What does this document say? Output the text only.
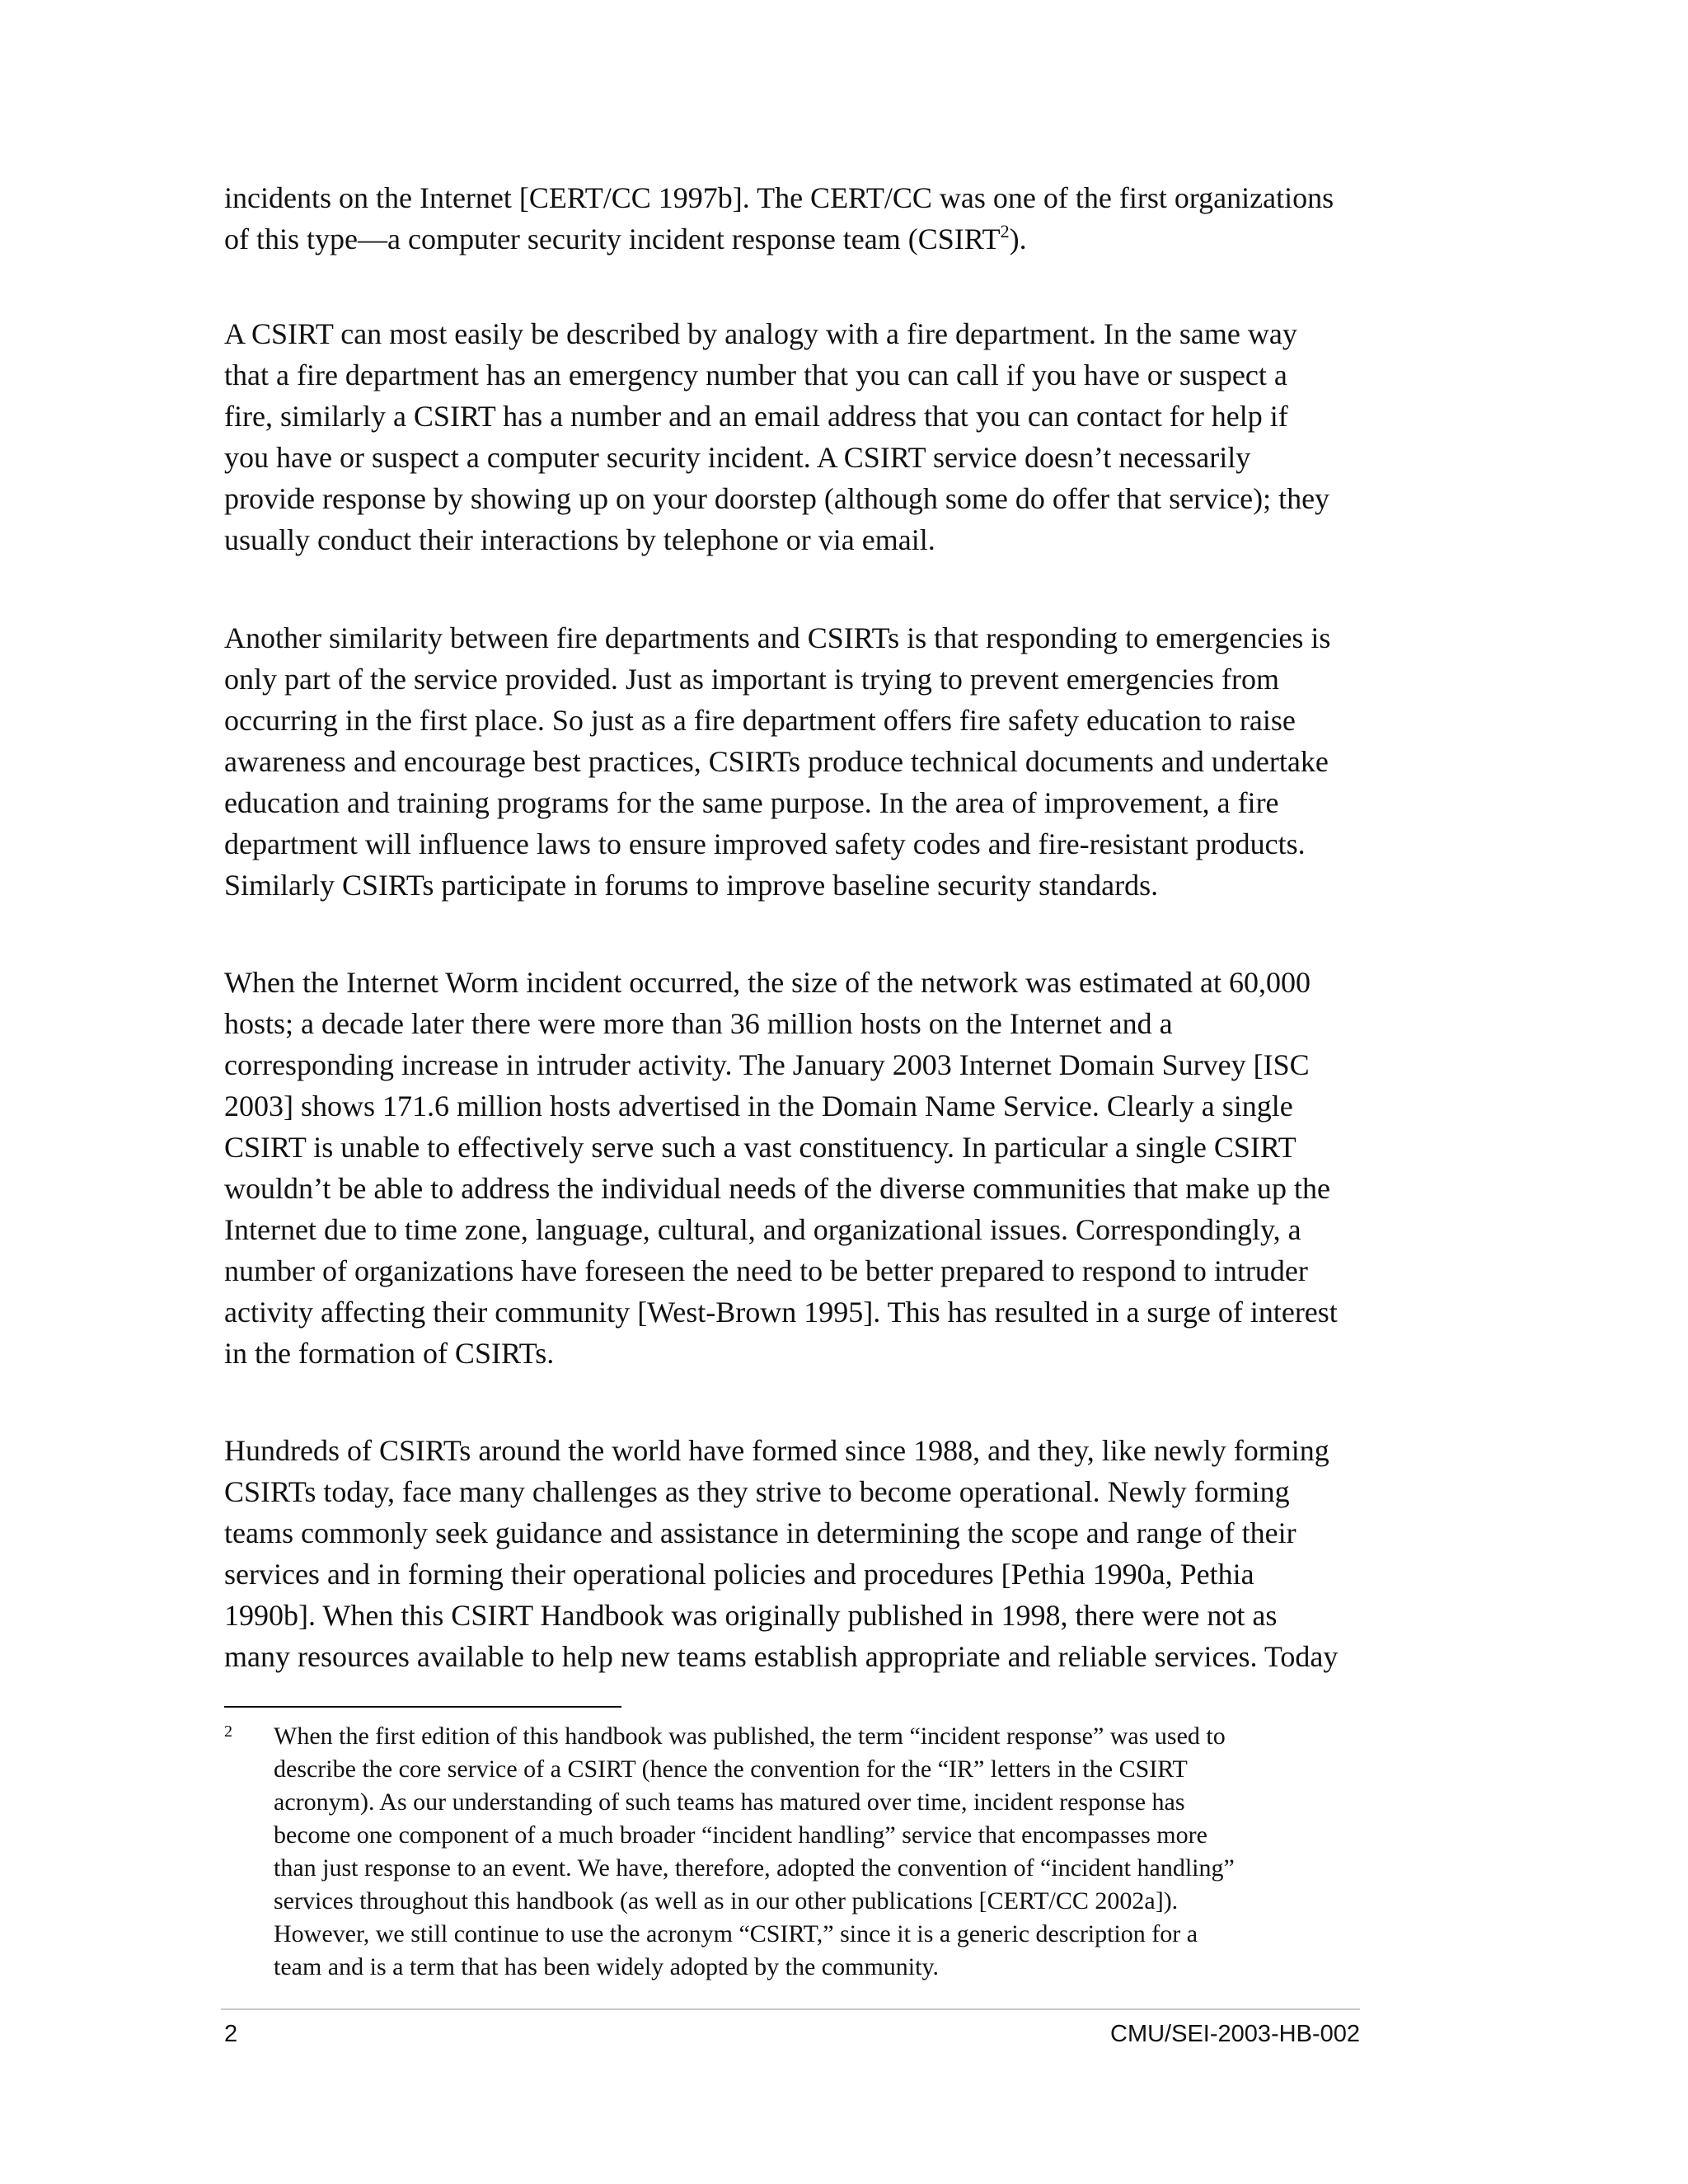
incidents on the Internet [CERT/CC 1997b]. The CERT/CC was one of the first organizations
of this type—a computer security incident response team (CSIRT$^2$).

A CSIRT can most easily be described by analogy with a fire department. In the same way
that a fire department has an emergency number that you can call if you have or suspect a
fire, similarly a CSIRT has a number and an email address that you can contact for help if
you have or suspect a computer security incident. A CSIRT service doesn’t necessarily
provide response by showing up on your doorstep (although some do offer that service); they
usually conduct their interactions by telephone or via email.

Another similarity between fire departments and CSIRTs is that responding to emergencies is
only part of the service provided. Just as important is trying to prevent emergencies from
occurring in the first place. So just as a fire department offers fire safety education to raise
awareness and encourage best practices, CSIRTs produce technical documents and undertake
education and training programs for the same purpose. In the area of improvement, a fire
department will influence laws to ensure improved safety codes and fire-resistant products.
Similarly CSIRTs participate in forums to improve baseline security standards.

When the Internet Worm incident occurred, the size of the network was estimated at 60,000
hosts; a decade later there were more than 36 million hosts on the Internet and a
corresponding increase in intruder activity. The January 2003 Internet Domain Survey [ISC
2003] shows 171.6 million hosts advertised in the Domain Name Service. Clearly a single
CSIRT is unable to effectively serve such a vast constituency. In particular a single CSIRT
wouldn’t be able to address the individual needs of the diverse communities that make up the
Internet due to time zone, language, cultural, and organizational issues. Correspondingly, a
number of organizations have foreseen the need to be better prepared to respond to intruder
activity affecting their community [West-Brown 1995]. This has resulted in a surge of interest
in the formation of CSIRTs.

Hundreds of CSIRTs around the world have formed since 1988, and they, like newly forming
CSIRTs today, face many challenges as they strive to become operational. Newly forming
teams commonly seek guidance and assistance in determining the scope and range of their
services and in forming their operational policies and procedures [Pethia 1990a, Pethia
1990b]. When this CSIRT Handbook was originally published in 1998, there were not as
many resources available to help new teams establish appropriate and reliable services. Today

2 When the first edition of this handbook was published, the term “incident response” was used to
describe the core service of a CSIRT (hence the convention for the “IR” letters in the CSIRT
acronym). As our understanding of such teams has matured over time, incident response has
become one component of a much broader “incident handling” service that encompasses more
than just response to an event. We have, therefore, adopted the convention of “incident handling”
services throughout this handbook (as well as in our other publications [CERT/CC 2002a]).
However, we still continue to use the acronym “CSIRT,” since it is a generic description for a
team and is a term that has been widely adopted by the community.
2	CMU/SEI-2003-HB-002
